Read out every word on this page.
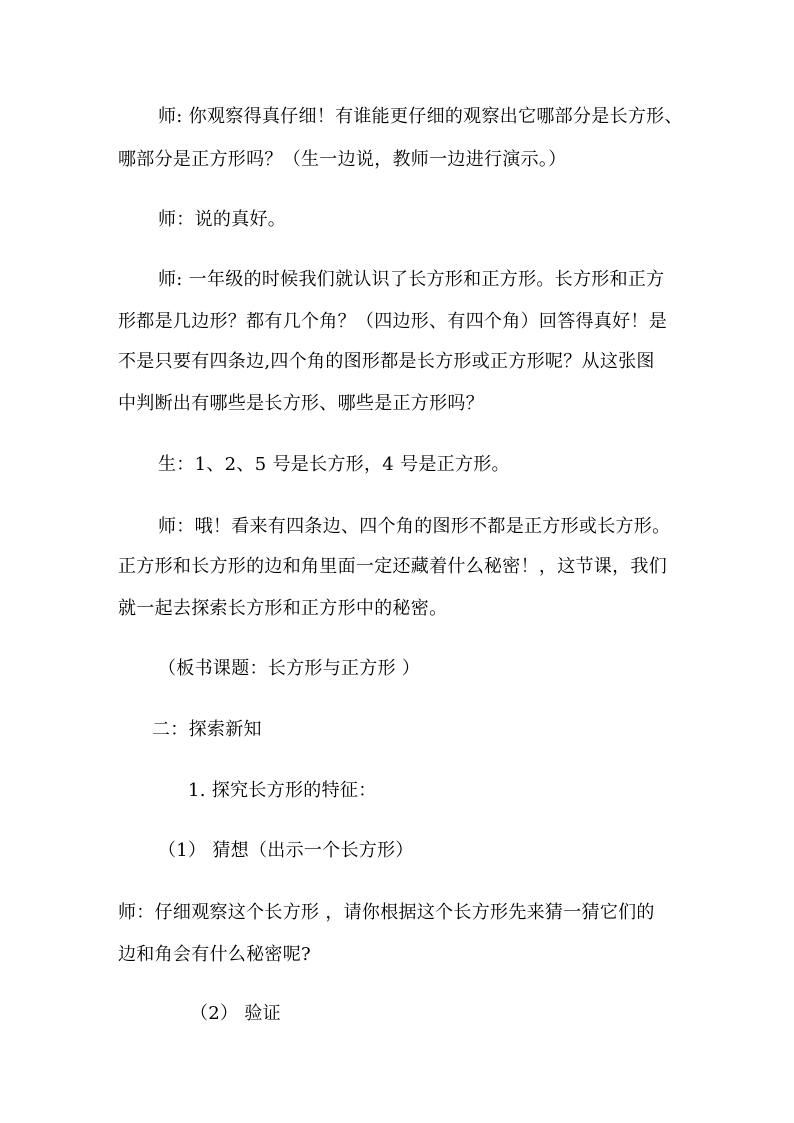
师: 你观察得真仔细！有谁能更仔细的观察出它哪部分是长方形、
哪部分是正方形吗？（生一边说，教师一边进行演示。）
师：说的真好。
师: 一年级的时候我们就认识了长方形和正方形。长方形和正方
形都是几边形？都有几个角？（四边形、有四个角）回答得真好！是
不是只要有四条边,四个角的图形都是长方形或正方形呢？从这张图
中判断出有哪些是长方形、哪些是正方形吗？
生：1、2、5 号是长方形，4 号是正方形。
师：哦！看来有四条边、四个角的图形不都是正方形或长方形。
正方形和长方形的边和角里面一定还藏着什么秘密！，这节课，我们
就一起去探索长方形和正方形中的秘密。
（板书课题：长方形与正方形 ）
二：探索新知
1. 探究长方形的特征：
（1） 猜想（出示一个长方形）
师：仔细观察这个长方形 ，请你根据这个长方形先来猜一猜它们的
边和角会有什么秘密呢?
（2） 验证
